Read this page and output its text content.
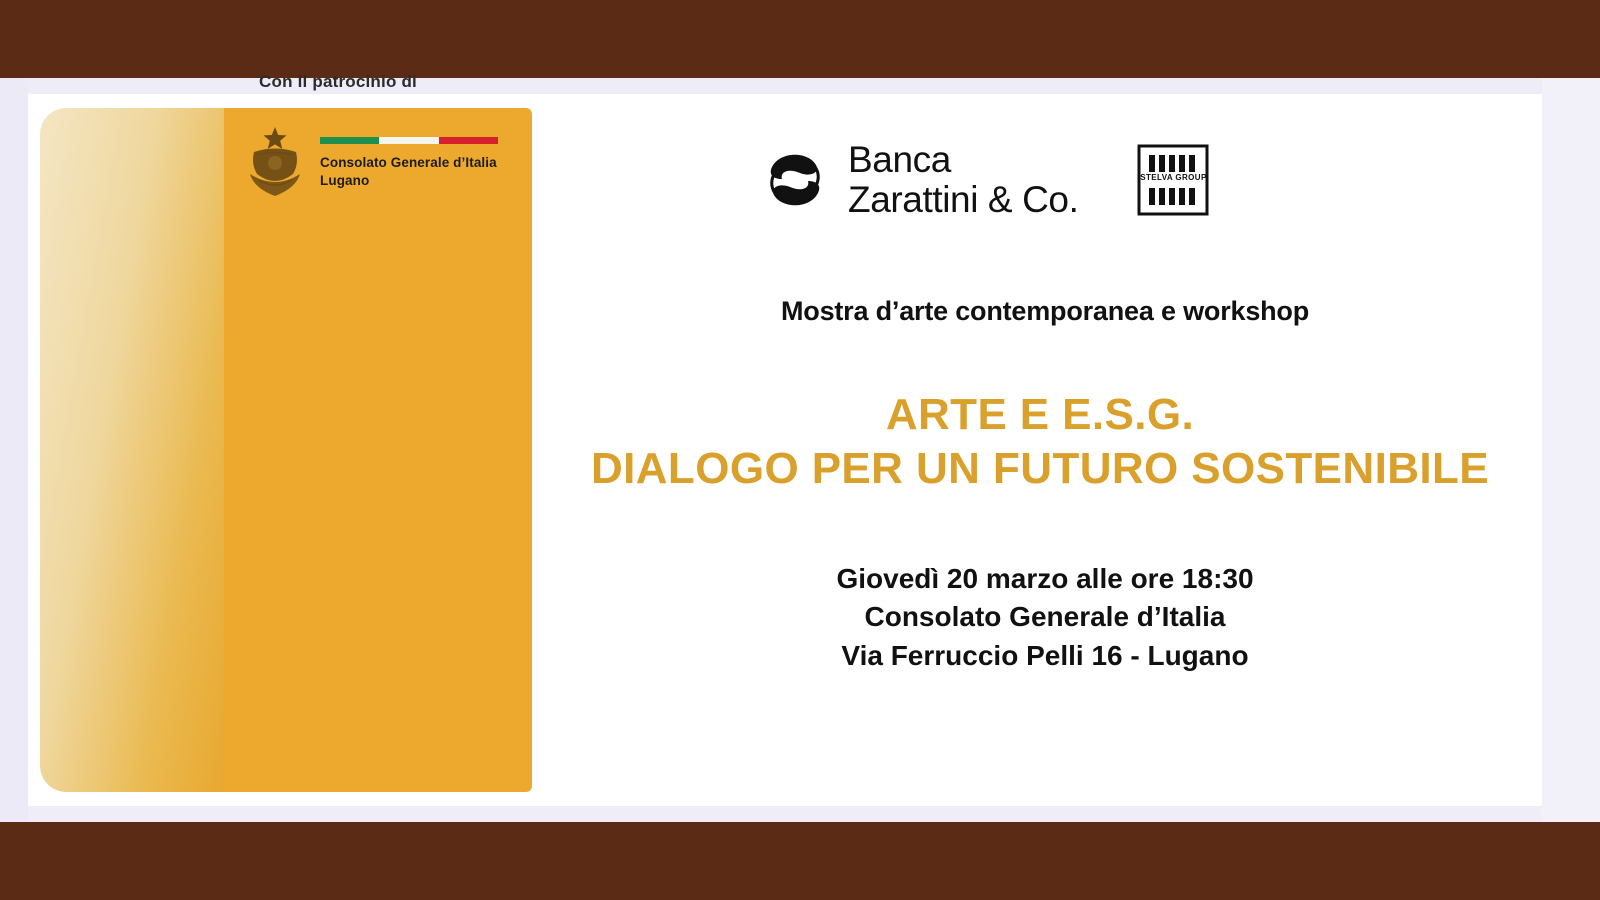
Con il patrocinio di
Consolato Generale d’Italia
Lugano	Banca
Zarattini & Co.
STELVA GROUP
Mostra d’arte contemporanea e workshop
ARTE E E.S.G.
DIALOGO PER UN FUTURO SOSTENIBILE
Giovedì 20 marzo alle ore 18:30
Consolato Generale d’Italia
Via Ferruccio Pelli 16 - Lugano
